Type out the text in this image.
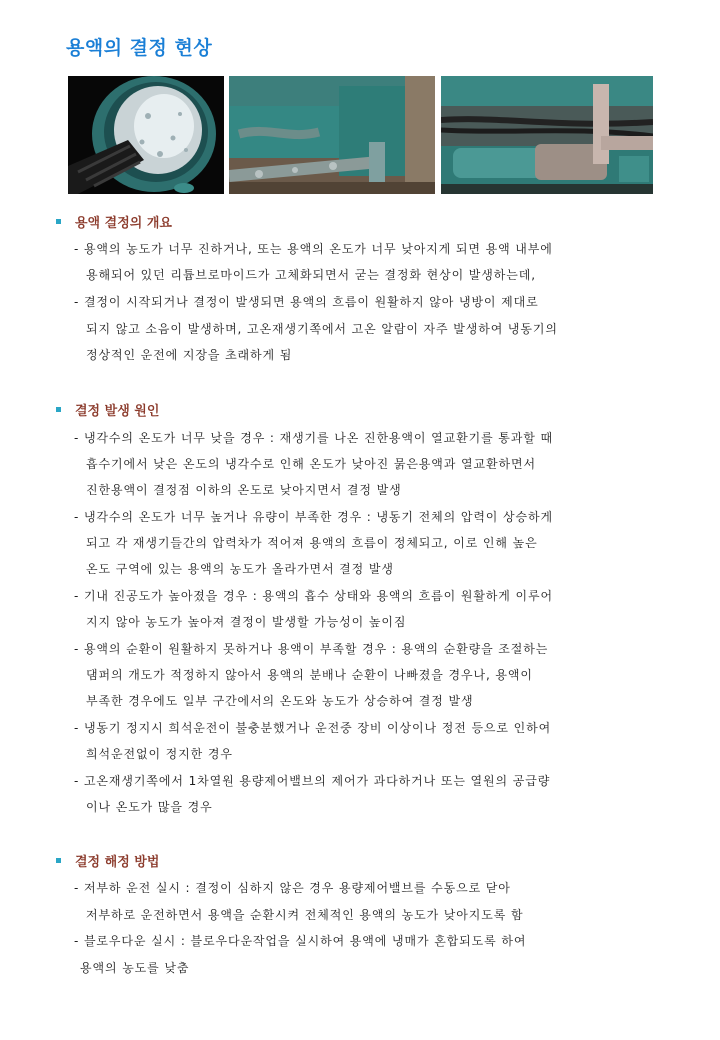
용액의 결정 현상
용액 결정의 개요
- 용액의 농도가 너무 진하거나, 또는 용액의 온도가 너무 낮아지게 되면 용액 내부에
용해되어 있던 리튬브로마이드가 고체화되면서 굳는 결정화 현상이 발생하는데,
- 결정이 시작되거나 결정이 발생되면 용액의 흐름이 원활하지 않아 냉방이 제대로
되지 않고 소음이 발생하며, 고온재생기쪽에서 고온 알람이 자주 발생하여 냉동기의
정상적인 운전에 지장을 초래하게 됨
결정 발생 원인
- 냉각수의 온도가 너무 낮을 경우 : 재생기를 나온 진한용액이 열교환기를 통과할 때
흡수기에서 낮은 온도의 냉각수로 인해 온도가 낮아진 묽은용액과 열교환하면서
진한용액이 결정점 이하의 온도로 낮아지면서 결정 발생
- 냉각수의 온도가 너무 높거나 유량이 부족한 경우 : 냉동기 전체의 압력이 상승하게
되고 각 재생기들간의 압력차가 적어져 용액의 흐름이 정체되고, 이로 인해 높은
온도 구역에 있는 용액의 농도가 올라가면서 결정 발생
- 기내 진공도가 높아졌을 경우 : 용액의 흡수 상태와 용액의 흐름이 원활하게 이루어
지지 않아 농도가 높아져 결정이 발생할 가능성이 높이짐
- 용액의 순환이 원활하지 못하거나 용액이 부족할 경우 : 용액의 순환량을 조절하는
댐퍼의 개도가 적정하지 않아서 용액의 분배나 순환이 나빠졌을 경우나, 용액이
부족한 경우에도 일부 구간에서의 온도와 농도가 상승하여 결정 발생
- 냉동기 정지시 희석운전이 불충분했거나 운전중 장비 이상이나 정전 등으로 인하여
희석운전없이 정지한 경우
- 고온재생기쪽에서 1차열원 용량제어밸브의 제어가 과다하거나 또는 열원의 공급량
이나 온도가 많을 경우
결정 해정 방법
- 저부하 운전 실시 : 결정이 심하지 않은 경우 용량제어밸브를 수동으로 닫아
저부하로 운전하면서 용액을 순환시켜 전체적인 용액의 농도가 낮아지도록 함
- 블로우다운 실시 : 블로우다운작업을 실시하여 용액에 냉매가 혼합되도록 하여
용액의 농도를 낮춤
